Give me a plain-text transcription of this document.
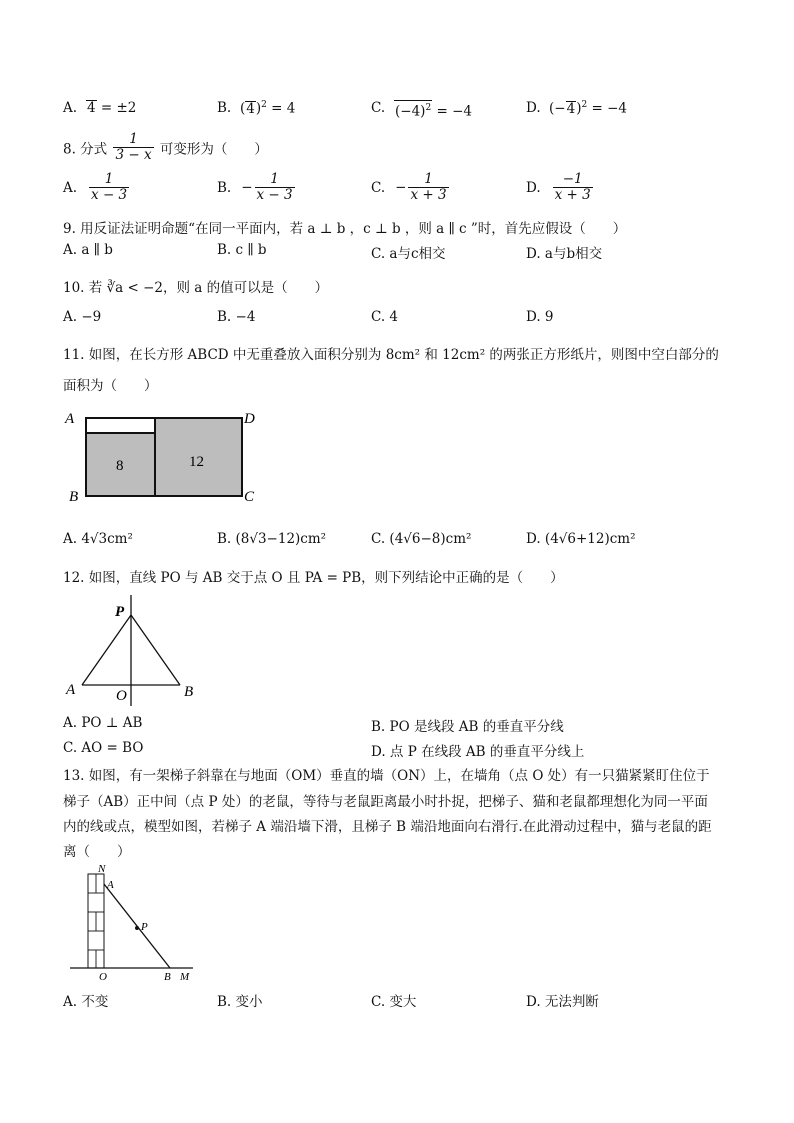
A. 4 = ±2	B. $(4)^2 = 4$	C. $(-4)^2 = -4$	D. $(-4)^2 = -4$
8. 分式 $\frac{1}{3 - x}$ 可变形为（　　）
A. $\frac{1}{x - 3}$	B. − $\frac{1}{x - 3}$	C. − $\frac{1}{x + 3}$	D. $\frac{-1}{x + 3}$
9. 用反证法证明命题“在同一平面内，若 a ⊥ b ，c ⊥ b ，则 a ∥ c ”时，首先应假设（　　）
A. a ∥ b	B. c ∥ b	C. a与c相交	D. a与b相交
10. 若 ∛a < −2，则 a 的值可以是（　　）
A. −9	B. −4	C. 4	D. 9
11. 如图，在长方形 ABCD 中无重叠放入面积分别为 8cm² 和 12cm² 的两张正方形纸片，则图中空白部分的
面积为（　　）
A
B	C
D
8	12
A. 4√3cm²	B. (8√3−12)cm²	C. (4√6−8)cm²	D. (4√6+12)cm²
12. 如图，直线 PO 与 AB 交于点 O 且 PA = PB，则下列结论中正确的是（　　）
P
A	O	B
A. PO ⊥ AB	B. PO 是线段 AB 的垂直平分线
C. AO = BO	D. 点 P 在线段 AB 的垂直平分线上
13. 如图，有一架梯子斜靠在与地面（OM）垂直的墙（ON）上，在墙角（点 O 处）有一只猫紧紧盯住位于
梯子（AB）正中间（点 P 处）的老鼠，等待与老鼠距离最小时扑捉，把梯子、猫和老鼠都理想化为同一平面
内的线或点，模型如图，若梯子 A 端沿墙下滑，且梯子 B 端沿地面向右滑行.在此滑动过程中，猫与老鼠的距
离（　　）
N
A
P
O	B M
A. 不变	B. 变小	C. 变大	D. 无法判断
